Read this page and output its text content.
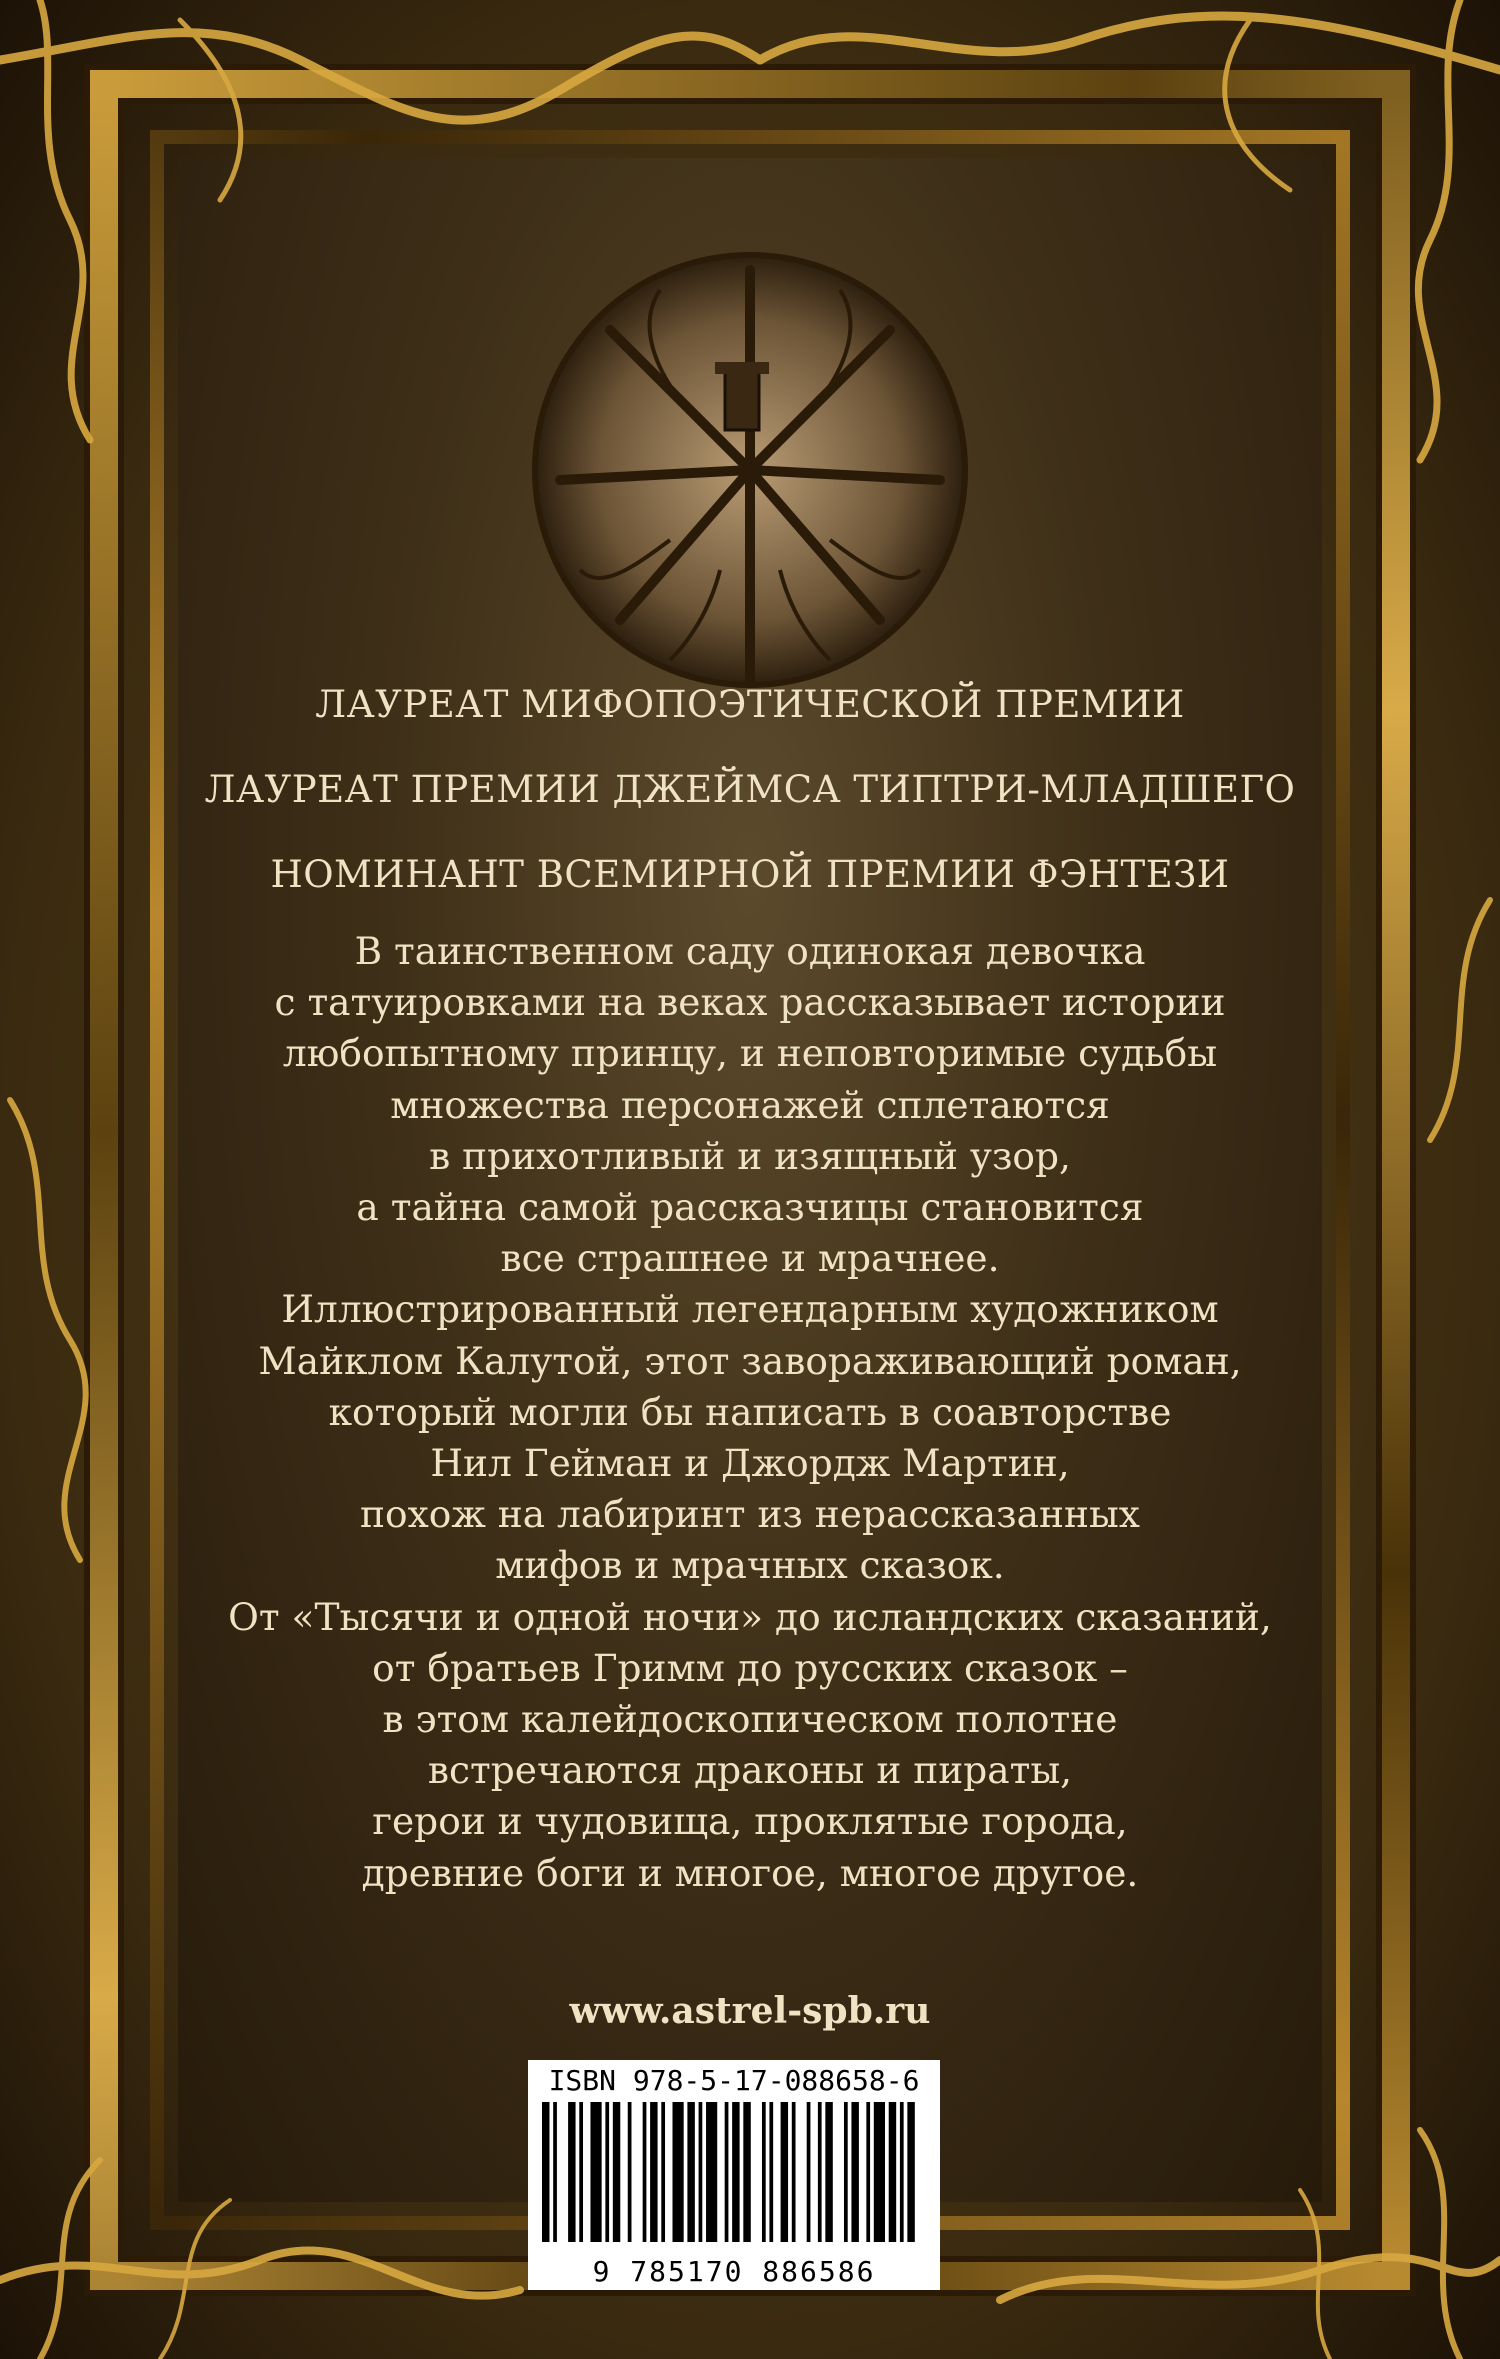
ЛАУРЕАТ МИФОПОЭТИЧЕСКОЙ ПРЕМИИ
ЛАУРЕАТ ПРЕМИИ ДЖЕЙМСА ТИПТРИ-МЛАДШЕГО
НОМИНАНТ ВСЕМИРНОЙ ПРЕМИИ ФЭНТЕЗИ
В таинственном саду одинокая девочка
с татуировками на веках рассказывает истории
любопытному принцу, и неповторимые судьбы
множества персонажей сплетаются
в прихотливый и изящный узор,
а тайна самой рассказчицы становится
все страшнее и мрачнее.
Иллюстрированный легендарным художником
Майклом Калутой, этот завораживающий роман,
который могли бы написать в соавторстве
Нил Гейман и Джордж Мартин,
похож на лабиринт из нерассказанных
мифов и мрачных сказок.
От «Тысячи и одной ночи» до исландских сказаний,
от братьев Гримм до русских сказок –
в этом калейдоскопическом полотне
встречаются драконы и пираты,
герои и чудовища, проклятые города,
древние боги и многое, многое другое.
www.astrel-spb.ru
ISBN 978-5-17-088658-6
9 785170 886586
